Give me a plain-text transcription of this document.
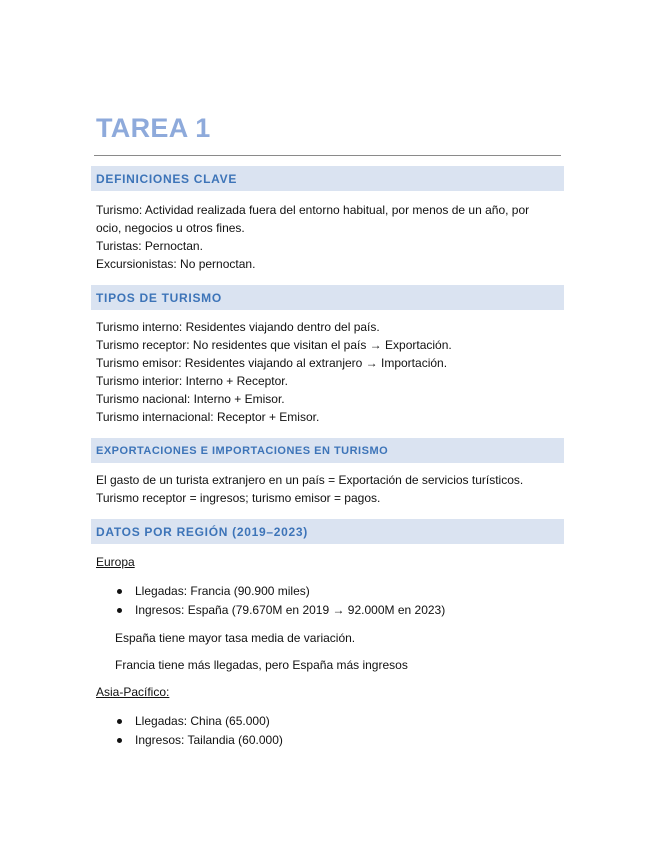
TAREA 1
DEFINICIONES CLAVE
Turismo: Actividad realizada fuera del entorno habitual, por menos de un año, por ocio, negocios u otros fines.
Turistas: Pernoctan.
Excursionistas: No pernoctan.
TIPOS DE TURISMO
Turismo interno: Residentes viajando dentro del país.
Turismo receptor: No residentes que visitan el país → Exportación.
Turismo emisor: Residentes viajando al extranjero → Importación.
Turismo interior: Interno + Receptor.
Turismo nacional: Interno + Emisor.
Turismo internacional: Receptor + Emisor.
EXPORTACIONES E IMPORTACIONES EN TURISMO
El gasto de un turista extranjero en un país = Exportación de servicios turísticos.
Turismo receptor = ingresos; turismo emisor = pagos.
DATOS POR REGIÓN (2019–2023)
Europa
Llegadas: Francia (90.900 miles)
Ingresos: España (79.670M en 2019 → 92.000M en 2023)
España tiene mayor tasa media de variación.
Francia tiene más llegadas, pero España más ingresos
Asia-Pacífico:
Llegadas: China (65.000)
Ingresos: Tailandia (60.000)
